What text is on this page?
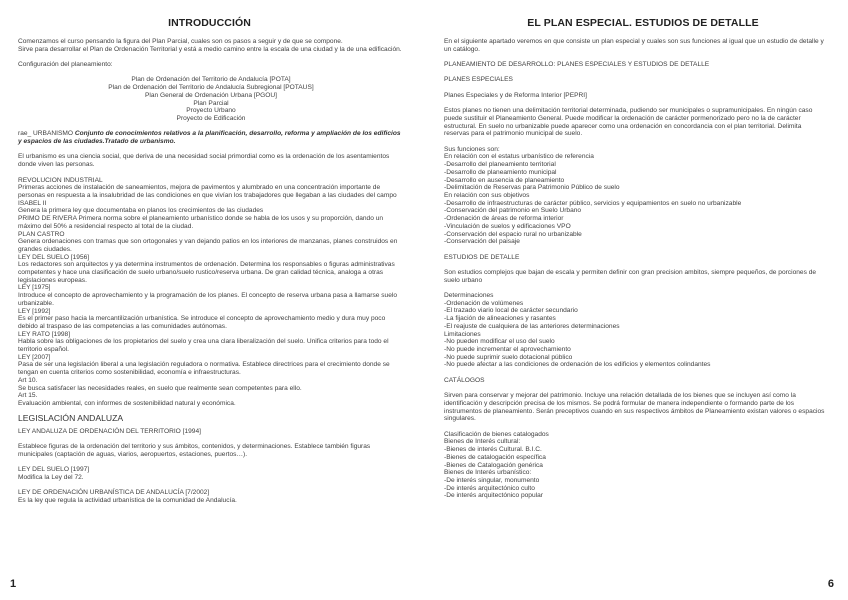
INTRODUCCIÓN

Comenzamos el curso pensando la figura del Plan Parcial, cuales son os pasos a seguir y de que se compone.

Sirve para desarrollar el Plan de Ordenación Territorial y está a medio camino entre la escala de una ciudad y la de una edificación.

Configuración del planeamiento:

Plan de Ordenación del Territorio de Andalucía [POTA]

Plan de Ordenación del Territorio de Andalucía Subregional [POTAUS]

Plan General de Ordenación Urbana [PGOU]

Plan Parcial

Proyecto Urbano

Proyecto de Edificación

rae_ URBANISMO Conjunto de conocimientos relativos a la planificación, desarrollo, reforma y ampliación de los edificios y espacios de las ciudades.Tratado de urbanismo.

El urbanismo es una ciencia social, que deriva de una necesidad social primordial como es la ordenación de los asentamientos donde viven las personas.

REVOLUCION INDUSTRIAL

Primeras acciones de instalación de saneamientos, mejora de pavimentos y alumbrado en una concentración importante de personas en respuesta a la insalubridad de las condiciones en que vivían los trabajadores que llegaban a las ciudades del campo

ISABEL II

Genera la primera ley que documentaba en planos los crecimientos de las ciudades

PRIMO DE RIVERA Primera norma sobre el planeamiento urbanístico donde se habla de los usos y su proporción, dando un máximo del 50% a residencial respecto al total de la ciudad.

PLAN CASTRO

Genera ordenaciones con tramas que son ortogonales y van dejando patios en los interiores de manzanas, planes construidos en grandes ciudades.

LEY DEL SUELO [1956]

Los redactores son arquitectos y ya determina instrumentos de ordenación. Determina los responsables o figuras administrativas competentes y hace una clasificación de suelo urbano/suelo rustico/reserva urbana. De gran calidad técnica, analoga a otras legislaciones europeas.

LEY [1975]

Introduce el concepto de aprovechamiento y la programación de los planes. El concepto de reserva urbana pasa a llamarse suelo urbanizable.

LEY [1992]

Es el primer paso hacia la mercantilización urbanística. Se introduce el concepto de aprovechamiento medio y dura muy poco debido al traspaso de las competencias a las comunidades autónomas.

LEY RATO [1998]

Habla sobre las obligaciones de los propietarios del suelo y crea una clara liberalización del suelo. Unifica criterios para todo el territorio español.

LEY [2007]

Pasa de ser una legislación liberal a una legislación reguladora o normativa. Establece directrices para el crecimiento donde se tengan en cuenta criterios como sostenibilidad, economía e infraestructuras.

Art 10.

Se busca satisfacer las necesidades reales, en suelo que realmente sean competentes para ello.

Art 15.

Evaluación ambiental, con informes de sostenibilidad natural y económica.

LEGISLACIÓN ANDALUZA

LEY ANDALUZA DE ORDENACIÓN DEL TERRITORIO [1994]

Establece figuras de la ordenación del territorio y sus ámbitos, contenidos, y determinaciones. Establece también figuras municipales (captación de aguas, viarios, aeropuertos, estaciones, puertos…).

LEY DEL SUELO [1997]

Modifica la Ley del 72.

LEY DE ORDENACIÓN URBANÍSTICA DE ANDALUCÍA [7/2002]

Es la ley que regula la actividad urbanística de la comunidad de Andalucía.

1
EL PLAN ESPECIAL. ESTUDIOS DE DETALLE

En el siguiente apartado veremos en que consiste un plan especial y cuales son sus funciones al igual que un estudio de detalle y un catálogo.

PLANEAMIENTO DE DESARROLLO: PLANES ESPECIALES Y ESTUDIOS DE DETALLE

PLANES ESPECIALES

Planes Especiales y de Reforma Interior [PEPRI]

Estos planes no tienen una delimitación territorial determinada, pudiendo ser municipales o supramunicipales. En ningún caso puede sustituir el Planeamiento General. Puede modificar la ordenación de carácter pormenorizado pero no la de carácter estructural. En suelo no urbanizable puede aparecer como una ordenación en concordancia con el plan territorial. Delimita reservas para el patrimonio municipal de suelo.

Sus funciones son:

En relación con el estatus urbanístico de referencia

-Desarrollo del planeamiento territorial

-Desarrollo de planeamiento municipal

-Desarrollo en ausencia de planeamiento

-Delimitación de Reservas para Patrimonio Público de suelo

En relación con sus objetivos

-Desarrollo de infraestructuras de carácter público, servicios y equipamientos en suelo no urbanizable

-Conservación del patrimonio en Suelo Urbano

-Ordenación de áreas de reforma interior

-Vinculación de suelos y edificaciones VPO

-Conservación del espacio rural no urbanizable

-Conservación del paisaje

ESTUDIOS DE DETALLE

Son estudios complejos que bajan de escala y permiten definir con gran precision ambitos, siempre pequeños, de porciones de suelo urbano

Determinaciones

-Ordenación de volúmenes

-El trazado viario local de carácter secundario

-La fijación de alineaciones y rasantes

-El reajuste de cualquiera de las anteriores determinaciones

Limitaciones

-No pueden modificar el uso del suelo

-No puede incrementar el aprovechamiento

-No puede suprimir suelo dotacional público

-No puede afectar a las condiciones de ordenación de los edificios y elementos colindantes

CATÁLOGOS

Sirven para conservar y mejorar del patrimonio. Incluye una relación detallada de los bienes que se incluyen así como la identificación y descripción precisa de los mismos. Se podrá formular de manera independiente o formando parte de los instrumentos de planeamiento. Serán preceptivos cuando en sus respectivos ámbitos de Planeamiento existan valores o espacios singulares.

Clasificación de bienes catalogados

Bienes de Interés cultural:

-Bienes de interés Cultural. B.I.C.

-Bienes de catalogación específica

-Bienes de Catalogación genérica

Bienes de Interés urbanístico:

-De interés singular, monumento

-De interés arquitectónico culto

-De interés arquitectónico popular

6
